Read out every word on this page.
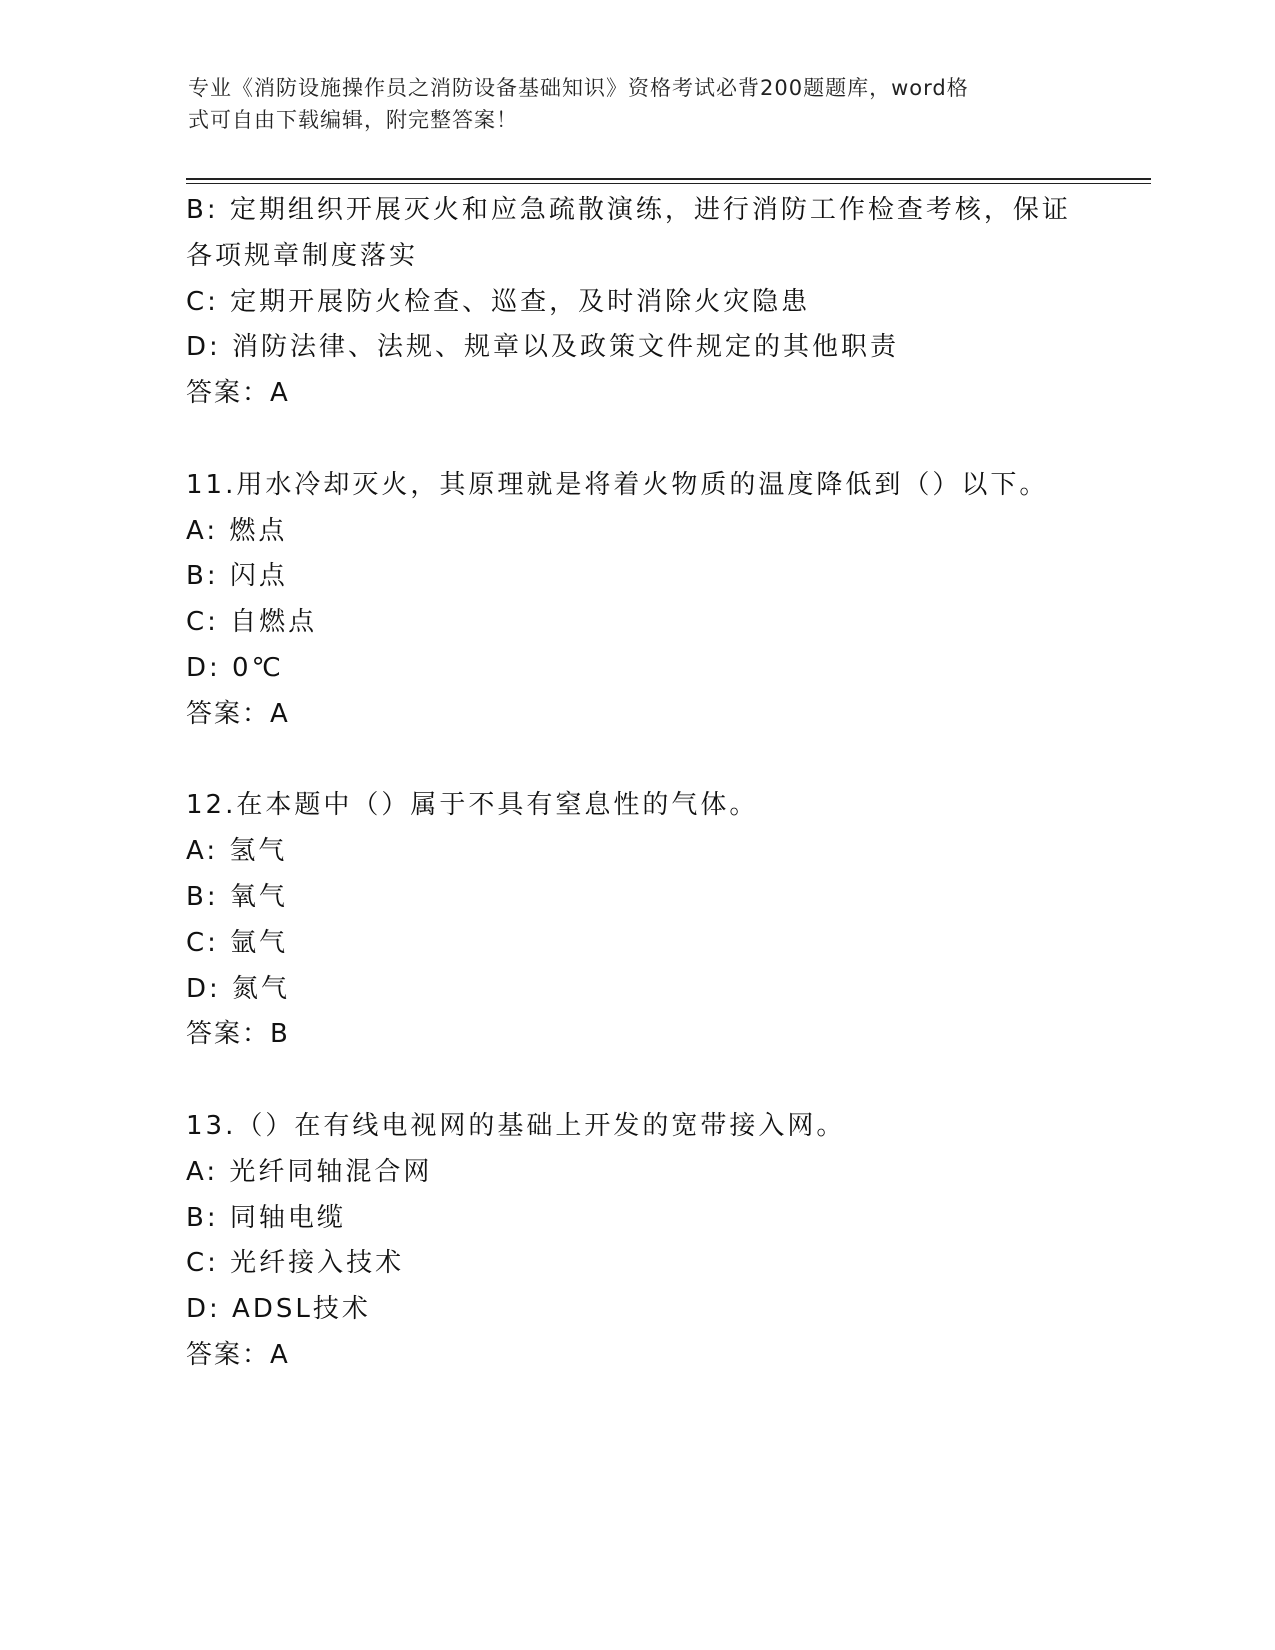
专业《消防设施操作员之消防设备基础知识》资格考试必背200题题库，word格
式可自由下载编辑，附完整答案！
B: 定期组织开展灭火和应急疏散演练，进行消防工作检查考核，保证
各项规章制度落实
C: 定期开展防火检查、巡查，及时消除火灾隐患
D: 消防法律、法规、规章以及政策文件规定的其他职责
答案：A
11.用水冷却灭火，其原理就是将着火物质的温度降低到（）以下。
A: 燃点
B: 闪点
C: 自燃点
D: 0℃
答案：A
12.在本题中（）属于不具有窒息性的气体。
A: 氢气
B: 氧气
C: 氩气
D: 氮气
答案：B
13.（）在有线电视网的基础上开发的宽带接入网。
A: 光纤同轴混合网
B: 同轴电缆
C: 光纤接入技术
D: ADSL技术
答案：A
